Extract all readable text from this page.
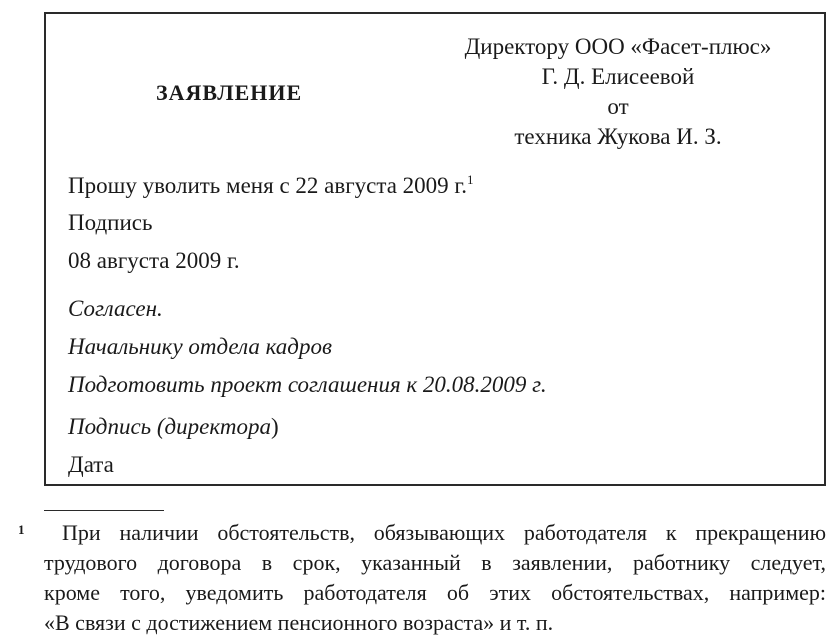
Директору ООО «Фасет-плюс»
Г. Д. Елисеевой
от
техника Жукова И. З.
ЗАЯВЛЕНИЕ
Прошу уволить меня с 22 августа 2009 г.$^1$
Подпись
08 августа 2009 г.
Согласен.
Начальнику отдела кадров
Подготовить проект соглашения к 20.08.2009 г.
Подпись (директора)
Дата
1	При наличии обстоятельств, обязывающих работодателя к прекращению
трудового договора в срок, указанный в заявлении, работнику следует,
кроме того, уведомить работодателя об этих обстоятельствах, например:
«В связи с достижением пенсионного возраста» и т. п.
